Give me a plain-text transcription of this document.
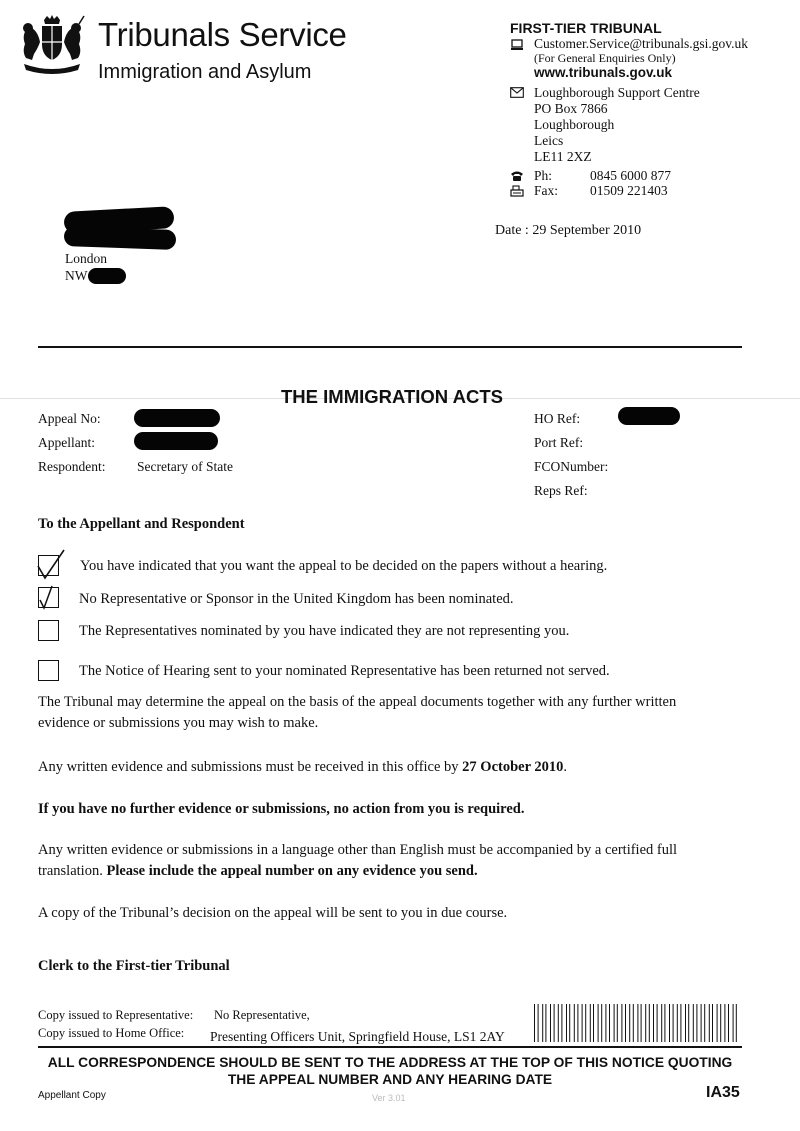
Tribunals Service
Immigration and Asylum
FIRST-TIER TRIBUNAL
Customer.Service@tribunals.gsi.gov.uk
(For General Enquiries Only)
www.tribunals.gov.uk
Loughborough Support Centre
PO Box 7866
Loughborough
Leics
LE11 2XZ
Ph:	0845 6000 877
Fax: 01509 221403
Date : 29 September 2010
London
NW
THE IMMIGRATION ACTS
Appeal No:
Appellant:
Respondent: Secretary of State
HO Ref:
Port Ref:
FCONumber:
Reps Ref:
To the Appellant and Respondent
You have indicated that you want the appeal to be decided on the papers without a hearing.
No Representative or Sponsor in the United Kingdom has been nominated.
The Representatives nominated by you have indicated they are not representing you.
The Notice of Hearing sent to your nominated Representative has been returned not served.
The Tribunal may determine the appeal on the basis of the appeal documents together with any further written evidence or submissions you may wish to make.
Any written evidence and submissions must be received in this office by 27 October 2010.
If you have no further evidence or submissions, no action from you is required.
Any written evidence or submissions in a language other than English must be accompanied by a certified full translation. Please include the appeal number on any evidence you send.
A copy of the Tribunal’s decision on the appeal will be sent to you in due course.
Clerk to the First-tier Tribunal
Copy issued to Representative: No Representative,
Copy issued to Home Office: Presenting Officers Unit, Springfield House, LS1 2AY
ALL CORRESPONDENCE SHOULD BE SENT TO THE ADDRESS AT THE TOP OF THIS NOTICE QUOTING
THE APPEAL NUMBER AND ANY HEARING DATE
Appellant Copy	Ver 3.01	IA35
